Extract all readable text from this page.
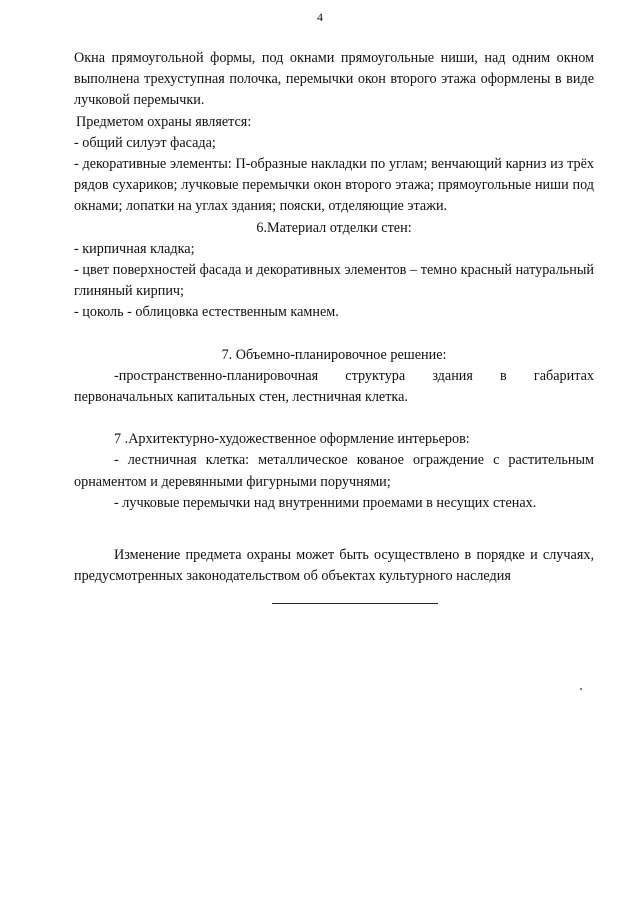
4

Окна прямоугольной формы, под окнами прямоугольные ниши, над одним окном выполнена трехуступная полочка, перемычки окон второго этажа оформлены в виде лучковой перемычки.

Предметом охраны является:

- общий силуэт фасада;

- декоративные элементы: П-образные накладки по углам; венчающий карниз из трёх рядов сухариков; лучковые перемычки окон второго этажа; прямоугольные ниши под окнами; лопатки на углах здания; пояски, отделяющие этажи.

6.Материал отделки стен:

- кирпичная кладка;

- цвет поверхностей фасада и декоративных элементов – темно красный натуральный глиняный кирпич;

- цоколь - облицовка естественным камнем.

7. Объемно-планировочное решение:

-пространственно-планировочная структура здания в габаритах первоначальных капитальных стен, лестничная клетка.

7 .Архитектурно-художественное оформление интерьеров:

- лестничная клетка: металлическое кованое ограждение с растительным орнаментом и деревянными фигурными поручнями;

- лучковые перемычки над внутренними проемами в несущих стенах.

Изменение предмета охраны может быть осуществлено в порядке и случаях, предусмотренных законодательством об объектах культурного наследия
